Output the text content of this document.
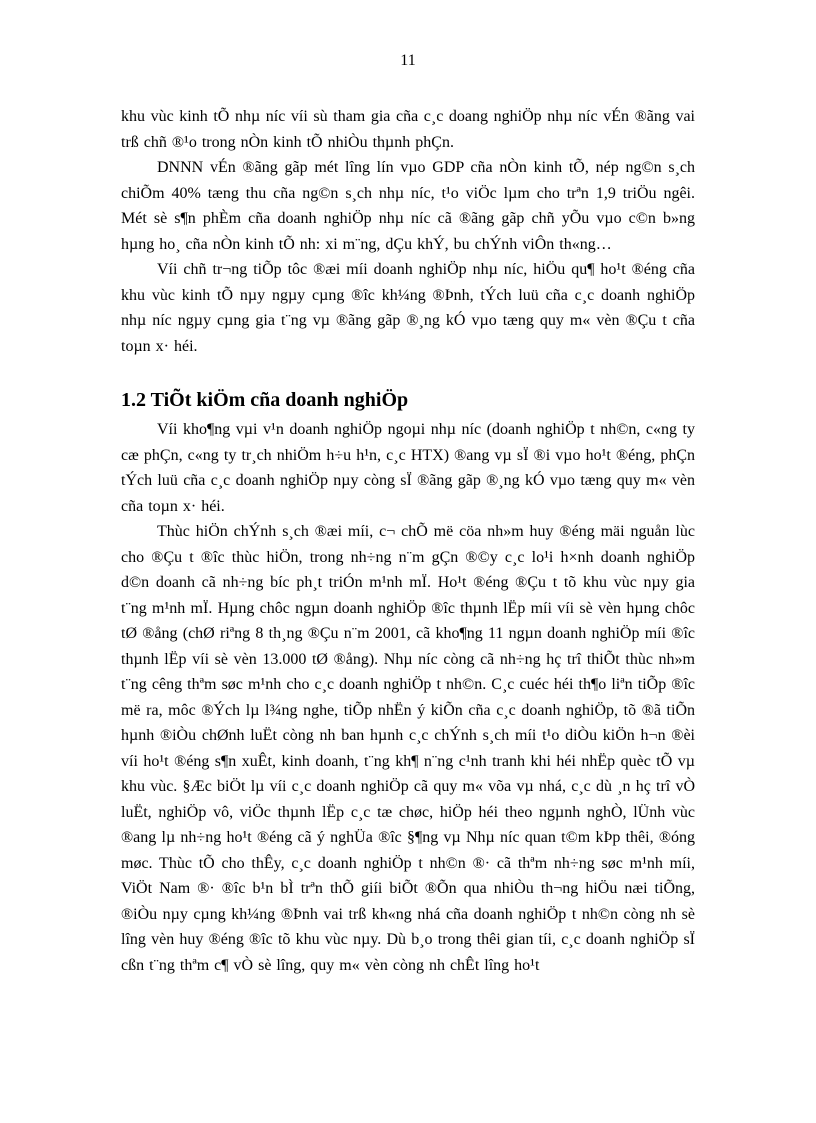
11

khu vùc kinh tÕ nhµ níc víi sù tham gia cña c¸c doang nghiÖp nhµ níc vÉn ®ãng vai trß chñ ®¹o trong nÒn kinh tÕ nhiÒu thµnh phÇn.

DNNN vÉn ®ãng gãp mét lîng lín vµo GDP cña nÒn kinh tÕ, nép ng©n s¸ch chiÕm 40% tæng thu cña ng©n s¸ch nhµ níc, t¹o viÖc lµm cho trªn 1,9 triÖu ngêi. Mét sè s¶n phÈm cña doanh nghiÖp nhµ níc cã ®ãng gãp chñ yÕu vµo c©n b»ng hµng ho¸ cña nÒn kinh tÕ nh: xi m¨ng, dÇu khÝ, bu chÝnh viÔn th«ng…

Víi chñ tr¬ng tiÕp tôc ®æi míi doanh nghiÖp nhµ níc, hiÖu qu¶ ho¹t ®éng cña khu vùc kinh tÕ nµy ngµy cµng ®îc kh¼ng ®Þnh, tÝch luü cña c¸c doanh nghiÖp nhµ níc ngµy cµng gia t¨ng vµ ®ãng gãp ®¸ng kÓ vµo tæng quy m« vèn ®Çu t cña toµn x· héi.

1.2 TiÕt kiÖm cña doanh nghiÖp

Víi kho¶ng vµi v¹n doanh nghiÖp ngoµi nhµ níc (doanh nghiÖp t nh©n, c«ng ty cæ phÇn, c«ng ty tr¸ch nhiÖm h÷u h¹n, c¸c HTX) ®ang vµ sÏ ®i vµo ho¹t ®éng, phÇn tÝch luü cña c¸c doanh nghiÖp nµy còng sÏ ®ãng gãp ®¸ng kÓ vµo tæng quy m« vèn cña toµn x· héi.

Thùc hiÖn chÝnh s¸ch ®æi míi, c¬ chÕ më cöa nh»m huy ®éng mäi nguån lùc cho ®Çu t ®îc thùc hiÖn, trong nh÷ng n¨m gÇn ®©y c¸c lo¹i h×nh doanh nghiÖp d©n doanh cã nh÷ng bíc ph¸t triÓn m¹nh mÏ. Ho¹t ®éng ®Çu t tõ khu vùc nµy gia t¨ng m¹nh mÏ. Hµng chôc ngµn doanh nghiÖp ®îc thµnh lËp míi víi sè vèn hµng chôc tØ ®ång (chØ riªng 8 th¸ng ®Çu n¨m 2001, cã kho¶ng 11 ngµn doanh nghiÖp míi ®îc thµnh lËp víi sè vèn 13.000 tØ ®ång). Nhµ níc còng cã nh÷ng hç trî thiÕt thùc nh»m t¨ng cêng thªm søc m¹nh cho c¸c doanh nghiÖp t nh©n. C¸c cuéc héi th¶o liªn tiÕp ®îc më ra, môc ®Ých lµ l¾ng nghe, tiÕp nhËn ý kiÕn cña c¸c doanh nghiÖp, tõ ®ã tiÕn hµnh ®iÒu chØnh luËt còng nh ban hµnh c¸c chÝnh s¸ch míi t¹o diÒu kiÖn h¬n ®èi víi ho¹t ®éng s¶n xuÊt, kinh doanh, t¨ng kh¶ n¨ng c¹nh tranh khi héi nhËp quèc tÕ vµ khu vùc. §Æc biÖt lµ víi c¸c doanh nghiÖp cã quy m« võa vµ nhá, c¸c dù ¸n hç trî vÒ luËt, nghiÖp vô, viÖc thµnh lËp c¸c tæ chøc, hiÖp héi theo ngµnh nghÒ, lÜnh vùc ®ang lµ nh÷ng ho¹t ®éng cã ý nghÜa ®îc §¶ng vµ Nhµ níc quan t©m kÞp thêi, ®óng møc. Thùc tÕ cho thÊy, c¸c doanh nghiÖp t nh©n ®· cã thªm nh÷ng søc m¹nh míi, ViÖt Nam ®· ®îc b¹n bÌ trªn thÕ giíi biÕt ®Õn qua nhiÒu th¬ng hiÖu næi tiÕng, ®iÒu nµy cµng kh¼ng ®Þnh vai trß kh«ng nhá cña doanh nghiÖp t nh©n còng nh sè lîng vèn huy ®éng ®îc tõ khu vùc nµy. Dù b¸o trong thêi gian tíi, c¸c doanh nghiÖp sÏ cßn t¨ng thªm c¶ vÒ sè lîng, quy m« vèn còng nh chÊt lîng ho¹t
